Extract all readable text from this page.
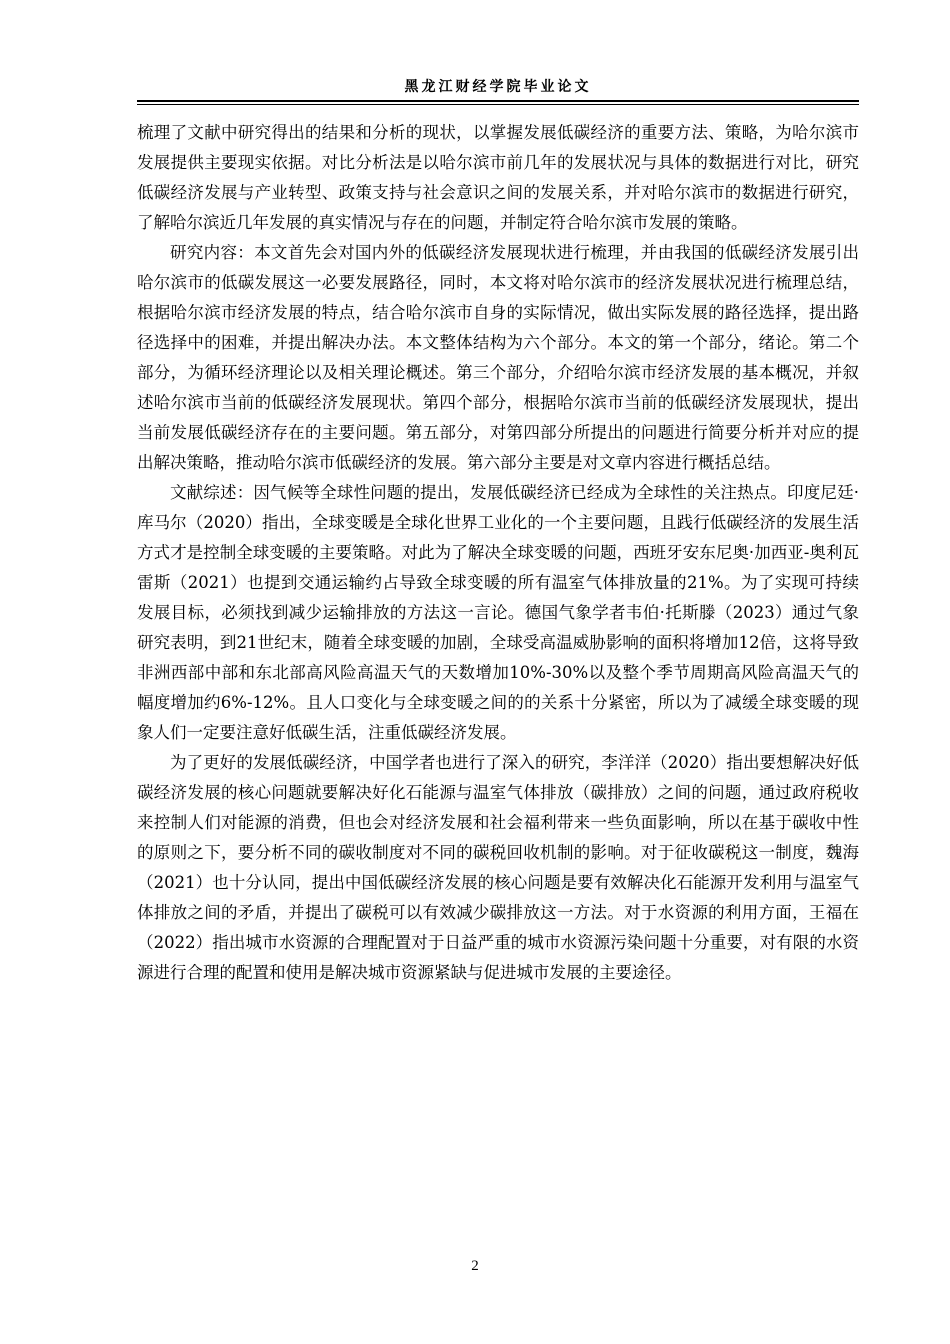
黑龙江财经学院毕业论文

梳理了文献中研究得出的结果和分析的现状，以掌握发展低碳经济的重要方法、策略，为哈尔滨市发展提供主要现实依据。对比分析法是以哈尔滨市前几年的发展状况与具体的数据进行对比，研究低碳经济发展与产业转型、政策支持与社会意识之间的发展关系，并对哈尔滨市的数据进行研究，了解哈尔滨近几年发展的真实情况与存在的问题，并制定符合哈尔滨市发展的策略。

研究内容：本文首先会对国内外的低碳经济发展现状进行梳理，并由我国的低碳经济发展引出哈尔滨市的低碳发展这一必要发展路径，同时，本文将对哈尔滨市的经济发展状况进行梳理总结，根据哈尔滨市经济发展的特点，结合哈尔滨市自身的实际情况，做出实际发展的路径选择，提出路径选择中的困难，并提出解决办法。本文整体结构为六个部分。本文的第一个部分，绪论。第二个部分，为循环经济理论以及相关理论概述。第三个部分，介绍哈尔滨市经济发展的基本概况，并叙述哈尔滨市当前的低碳经济发展现状。第四个部分，根据哈尔滨市当前的低碳经济发展现状，提出当前发展低碳经济存在的主要问题。第五部分，对第四部分所提出的问题进行简要分析并对应的提出解决策略，推动哈尔滨市低碳经济的发展。第六部分主要是对文章内容进行概括总结。

文献综述：因气候等全球性问题的提出，发展低碳经济已经成为全球性的关注热点。印度尼廷·库马尔（2020）指出，全球变暖是全球化世界工业化的一个主要问题，且践行低碳经济的发展生活方式才是控制全球变暖的主要策略。对此为了解决全球变暖的问题，西班牙安东尼奥·加西亚-奥利瓦雷斯（2021）也提到交通运输约占导致全球变暖的所有温室气体排放量的21%。为了实现可持续发展目标，必须找到减少运输排放的方法这一言论。德国气象学者韦伯·托斯滕（2023）通过气象研究表明，到21世纪末，随着全球变暖的加剧，全球受高温威胁影响的面积将增加12倍，这将导致非洲西部中部和东北部高风险高温天气的天数增加10%-30%以及整个季节周期高风险高温天气的幅度增加约6%-12%。且人口变化与全球变暖之间的的关系十分紧密，所以为了减缓全球变暖的现象人们一定要注意好低碳生活，注重低碳经济发展。

为了更好的发展低碳经济，中国学者也进行了深入的研究，李洋洋（2020）指出要想解决好低碳经济发展的核心问题就要解决好化石能源与温室气体排放（碳排放）之间的问题，通过政府税收来控制人们对能源的消费，但也会对经济发展和社会福利带来一些负面影响，所以在基于碳收中性的原则之下，要分析不同的碳收制度对不同的碳税回收机制的影响。对于征收碳税这一制度，魏海（2021）也十分认同，提出中国低碳经济发展的核心问题是要有效解决化石能源开发利用与温室气体排放之间的矛盾，并提出了碳税可以有效减少碳排放这一方法。对于水资源的利用方面，王福在（2022）指出城市水资源的合理配置对于日益严重的城市水资源污染问题十分重要，对有限的水资源进行合理的配置和使用是解决城市资源紧缺与促进城市发展的主要途径。

2
